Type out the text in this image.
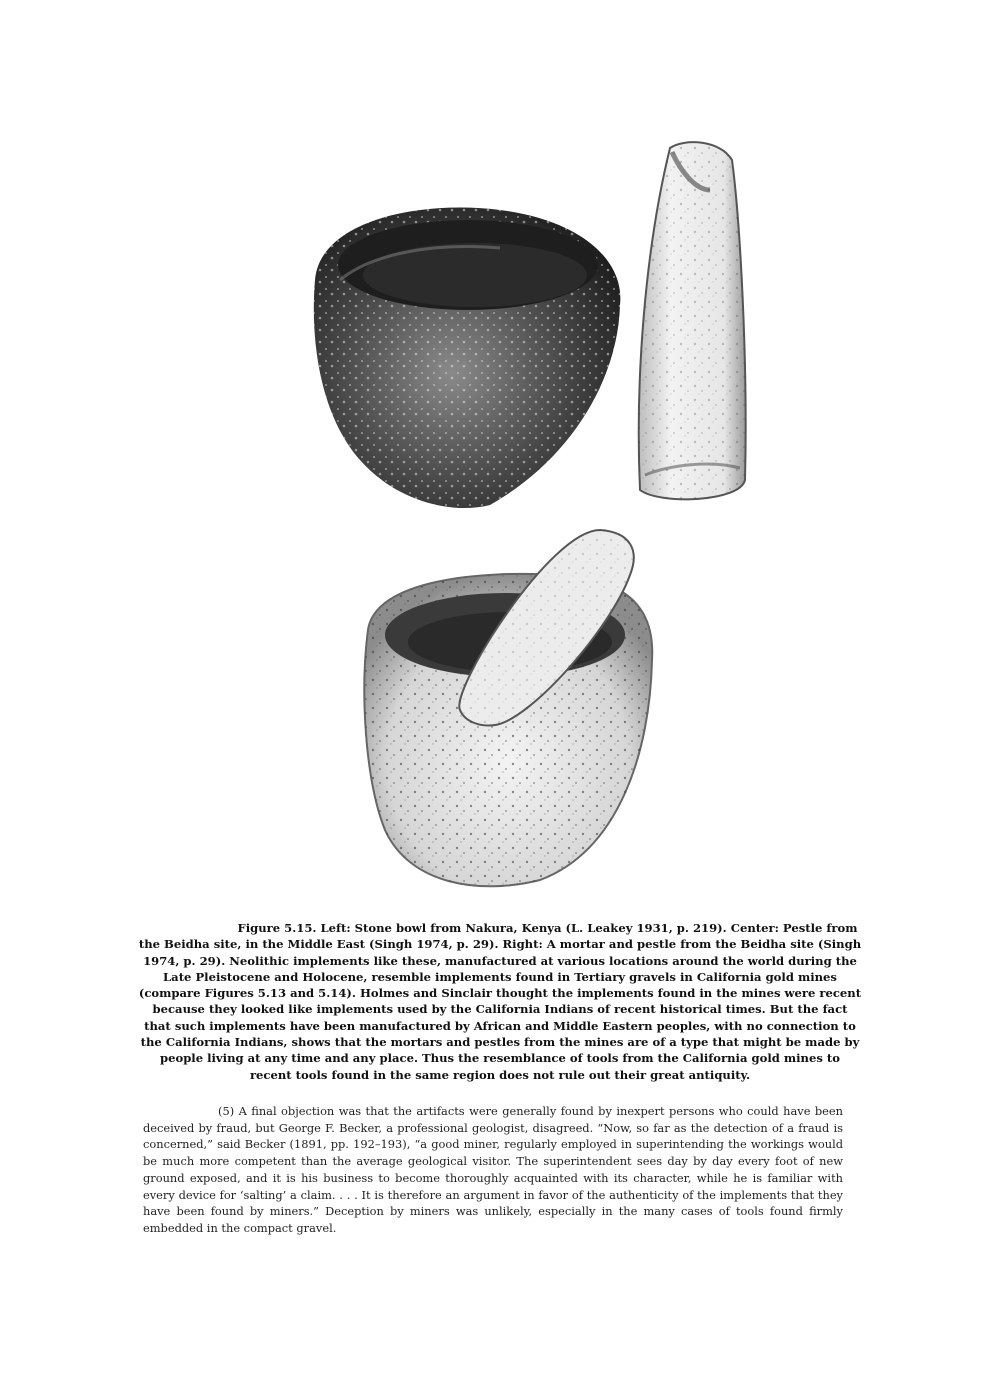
Figure 5.15. Left: Stone bowl from Nakura, Kenya (L. Leakey 1931, p. 219). Center: Pestle from the Beidha site, in the Middle East (Singh 1974, p. 29). Right: A mortar and pestle from the Beidha site (Singh 1974, p. 29). Neolithic implements like these, manufactured at various locations around the world during the Late Pleistocene and Holocene, resemble implements found in Tertiary gravels in California gold mines (compare Figures 5.13 and 5.14). Holmes and Sinclair thought the implements found in the mines were recent because they looked like implements used by the California Indians of recent historical times. But the fact that such implements have been manufactured by African and Middle Eastern peoples, with no connection to the California Indians, shows that the mortars and pestles from the mines are of a type that might be made by people living at any time and any place. Thus the resemblance of tools from the California gold mines to recent tools found in the same region does not rule out their great antiquity.
(5) A final objection was that the artifacts were generally found by inexpert persons who could have been deceived by fraud, but George F. Becker, a professional geologist, disagreed. “Now, so far as the detection of a fraud is concerned,” said Becker (1891, pp. 192–193), “a good miner, regularly employed in superintending the workings would be much more competent than the average geological visitor. The superintendent sees day by day every foot of new ground exposed, and it is his business to become thoroughly acquainted with its character, while he is familiar with every device for ‘salting’ a claim. . . . It is therefore an argument in favor of the authenticity of the implements that they have been found by miners.” Deception by miners was unlikely, especially in the many cases of tools found firmly embedded in the compact gravel.
